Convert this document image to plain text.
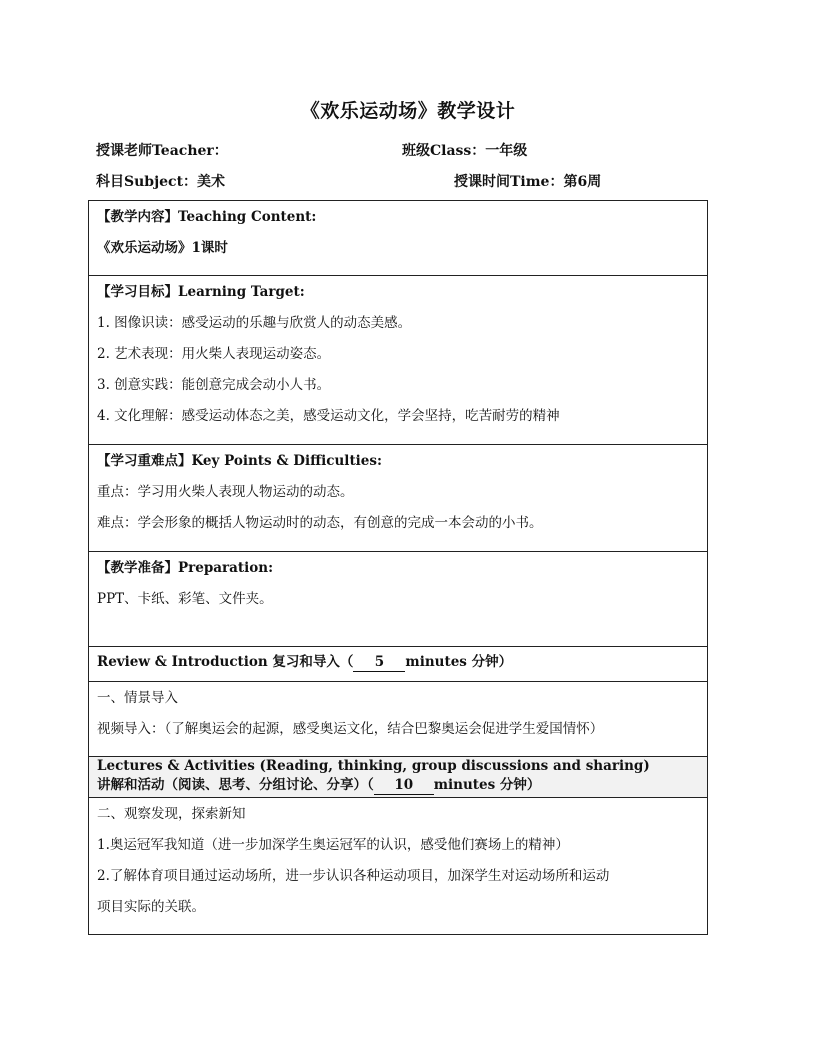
《欢乐运动场》教学设计
授课老师Teacher：	班级Class：一年级
科目Subject：美术	授课时间Time：第6周
【教学内容】Teaching Content:
《欢乐运动场》1课时

【学习目标】Learning Target:
1. 图像识读：感受运动的乐趣与欣赏人的动态美感。
2. 艺术表现：用火柴人表现运动姿态。
3. 创意实践：能创意完成会动小人书。
4. 文化理解：感受运动体态之美，感受运动文化，学会坚持，吃苦耐劳的精神

【学习重难点】Key Points & Difficulties:
重点：学习用火柴人表现人物运动的动态。
难点：学会形象的概括人物运动时的动态，有创意的完成一本会动的小书。

【教学准备】Preparation:
PPT、卡纸、彩笔、文件夹。

Review & Introduction 复习和导入（ 5 minutes 分钟）

一、情景导入
视频导入：（了解奥运会的起源，感受奥运文化，结合巴黎奥运会促进学生爱国情怀）

Lectures & Activities (Reading, thinking, group discussions and sharing)
讲解和活动（阅读、思考、分组讨论、分享）（ 10 minutes 分钟）

二、观察发现，探索新知
1.奥运冠军我知道（进一步加深学生奥运冠军的认识，感受他们赛场上的精神）
2.了解体育项目通过运动场所，进一步认识各种运动项目，加深学生对运动场所和运动
项目实际的关联。
